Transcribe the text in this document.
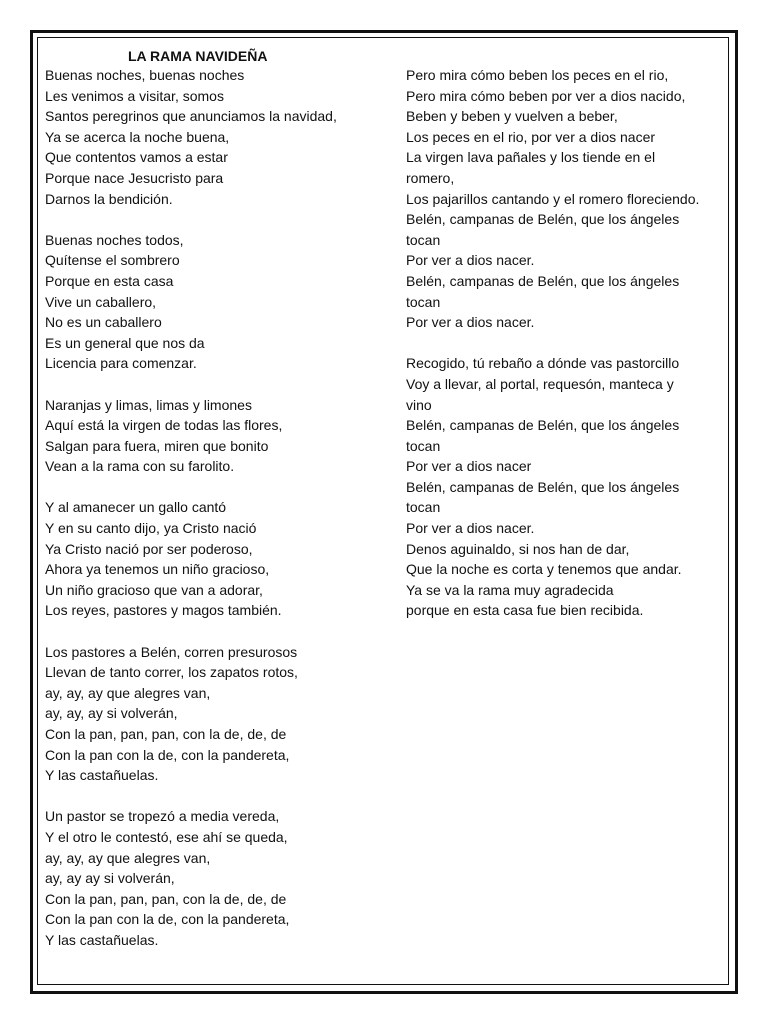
LA RAMA NAVIDEÑA
Buenas noches, buenas noches
Les venimos a visitar, somos
Santos peregrinos que anunciamos la navidad,
Ya se acerca la noche buena,
Que contentos vamos a estar
Porque nace Jesucristo para
Darnos la bendición.
Buenas noches todos,
Quítense el sombrero
Porque en esta casa
Vive un caballero,
No es un caballero
Es un general que nos da
Licencia para comenzar.
Naranjas y limas, limas y limones
Aquí está la virgen de todas las flores,
Salgan para fuera, miren que bonito
Vean a la rama con su farolito.
Y al amanecer un gallo cantó
Y en su canto dijo, ya Cristo nació
Ya Cristo nació por ser poderoso,
Ahora ya tenemos un niño gracioso,
Un niño gracioso que van a adorar,
Los reyes, pastores y magos también.
Los pastores a Belén, corren presurosos
Llevan de tanto correr, los zapatos rotos,
ay, ay, ay que alegres van,
ay, ay, ay si volverán,
Con la pan, pan, pan, con la de, de, de
Con la pan con la de, con la pandereta,
Y las castañuelas.
Un pastor se tropezó a media vereda,
Y el otro le contestó, ese ahí se queda,
ay, ay, ay que alegres van,
ay, ay ay si volverán,
Con la pan, pan, pan, con la de, de, de
Con la pan con la de, con la pandereta,
Y las castañuelas.
Pero mira cómo beben los peces en el rio,
Pero mira cómo beben por ver a dios nacido,
Beben y beben y vuelven a beber,
Los peces en el rio, por ver a dios nacer
La virgen lava pañales y los tiende en el
romero,
Los pajarillos cantando y el romero floreciendo.
Belén, campanas de Belén, que los ángeles
tocan
Por ver a dios nacer.
Belén, campanas de Belén, que los ángeles
tocan
Por ver a dios nacer.
Recogido, tú rebaño a dónde vas pastorcillo
Voy a llevar, al portal, requesón, manteca y
vino
Belén, campanas de Belén, que los ángeles
tocan
Por ver a dios nacer
Belén, campanas de Belén, que los ángeles
tocan
Por ver a dios nacer.
Denos aguinaldo, si nos han de dar,
Que la noche es corta y tenemos que andar.
Ya se va la rama muy agradecida
porque en esta casa fue bien recibida.
